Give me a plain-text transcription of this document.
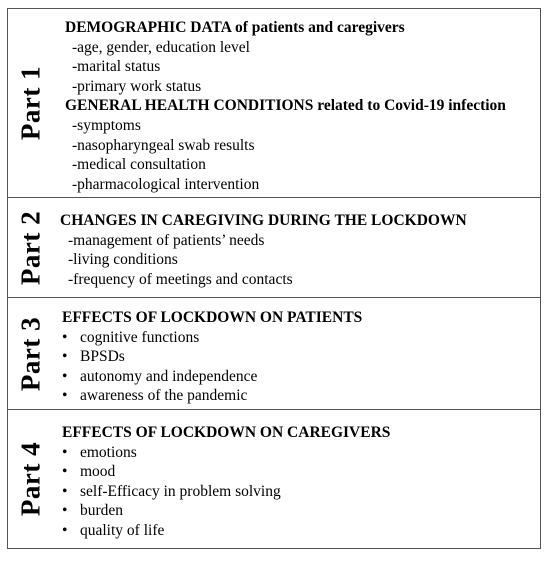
Part 1
DEMOGRAPHIC DATA of patients and caregivers
-age, gender, education level
-marital status
-primary work status
GENERAL HEALTH CONDITIONS related to Covid-19 infection
-symptoms
-nasopharyngeal swab results
-medical consultation
-pharmacological intervention
Part 2 CHANGES IN CAREGIVING DURING THE LOCKDOWN
-management of patients’ needs
-living conditions
-frequency of meetings and contacts
Part 3	EFFECTS OF LOCKDOWN ON PATIENTS
• cognitive functions
• BPSDs
• autonomy and independence
• awareness of the pandemic
Part 4
EFFECTS OF LOCKDOWN ON CAREGIVERS
• emotions
• mood
• self-Efficacy in problem solving
• burden
• quality of life
